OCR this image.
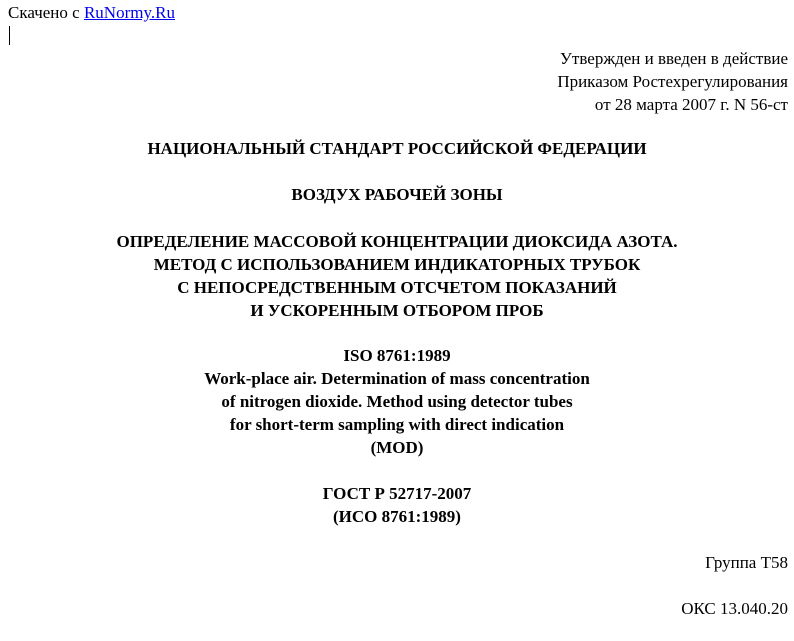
Скачено с RuNormy.Ru
Утвержден и введен в действие
Приказом Ростехрегулирования
от 28 марта 2007 г. N 56-ст
НАЦИОНАЛЬНЫЙ СТАНДАРТ РОССИЙСКОЙ ФЕДЕРАЦИИ
ВОЗДУХ РАБОЧЕЙ ЗОНЫ
ОПРЕДЕЛЕНИЕ МАССОВОЙ КОНЦЕНТРАЦИИ ДИОКСИДА АЗОТА.
МЕТОД С ИСПОЛЬЗОВАНИЕМ ИНДИКАТОРНЫХ ТРУБОК
С НЕПОСРЕДСТВЕННЫМ ОТСЧЕТОМ ПОКАЗАНИЙ
И УСКОРЕННЫМ ОТБОРОМ ПРОБ
ISO 8761:1989
Work-place air. Determination of mass concentration
of nitrogen dioxide. Method using detector tubes
for short-term sampling with direct indication
(MOD)
ГОСТ Р 52717-2007
(ИСО 8761:1989)
Группа Т58
ОКС 13.040.20
